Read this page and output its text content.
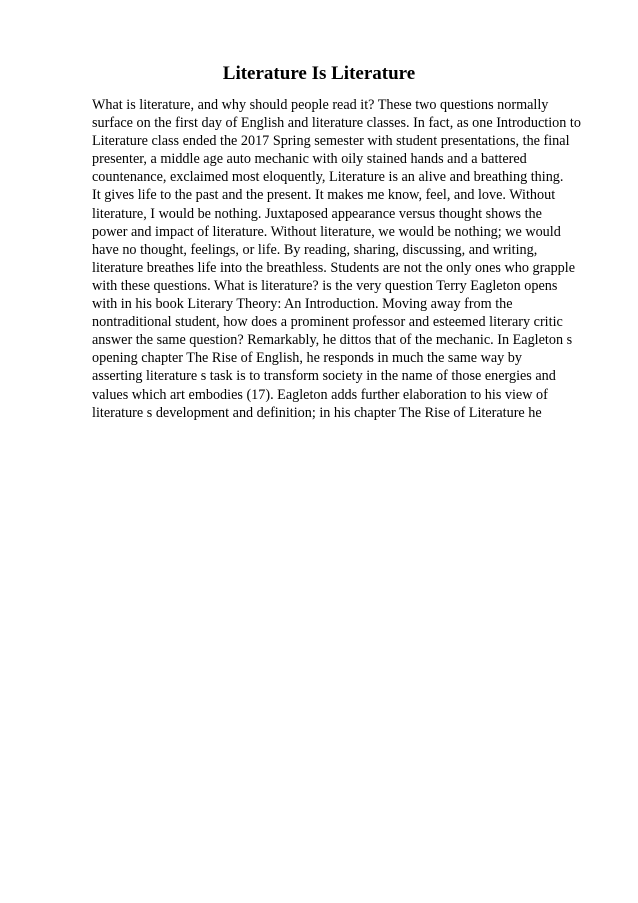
Literature Is Literature
What is literature, and why should people read it? These two questions normally
surface on the first day of English and literature classes. In fact, as one Introduction to
Literature class ended the 2017 Spring semester with student presentations, the final
presenter, a middle age auto mechanic with oily stained hands and a battered
countenance, exclaimed most eloquently, Literature is an alive and breathing thing.
It gives life to the past and the present. It makes me know, feel, and love. Without
literature, I would be nothing. Juxtaposed appearance versus thought shows the
power and impact of literature. Without literature, we would be nothing; we would
have no thought, feelings, or life. By reading, sharing, discussing, and writing,
literature breathes life into the breathless. Students are not the only ones who grapple
with these questions. What is literature? is the very question Terry Eagleton opens
with in his book Literary Theory: An Introduction. Moving away from the
nontraditional student, how does a prominent professor and esteemed literary critic
answer the same question? Remarkably, he dittos that of the mechanic. In Eagleton s
opening chapter The Rise of English, he responds in much the same way by
asserting literature s task is to transform society in the name of those energies and
values which art embodies (17). Eagleton adds further elaboration to his view of
literature s development and definition; in his chapter The Rise of Literature he
